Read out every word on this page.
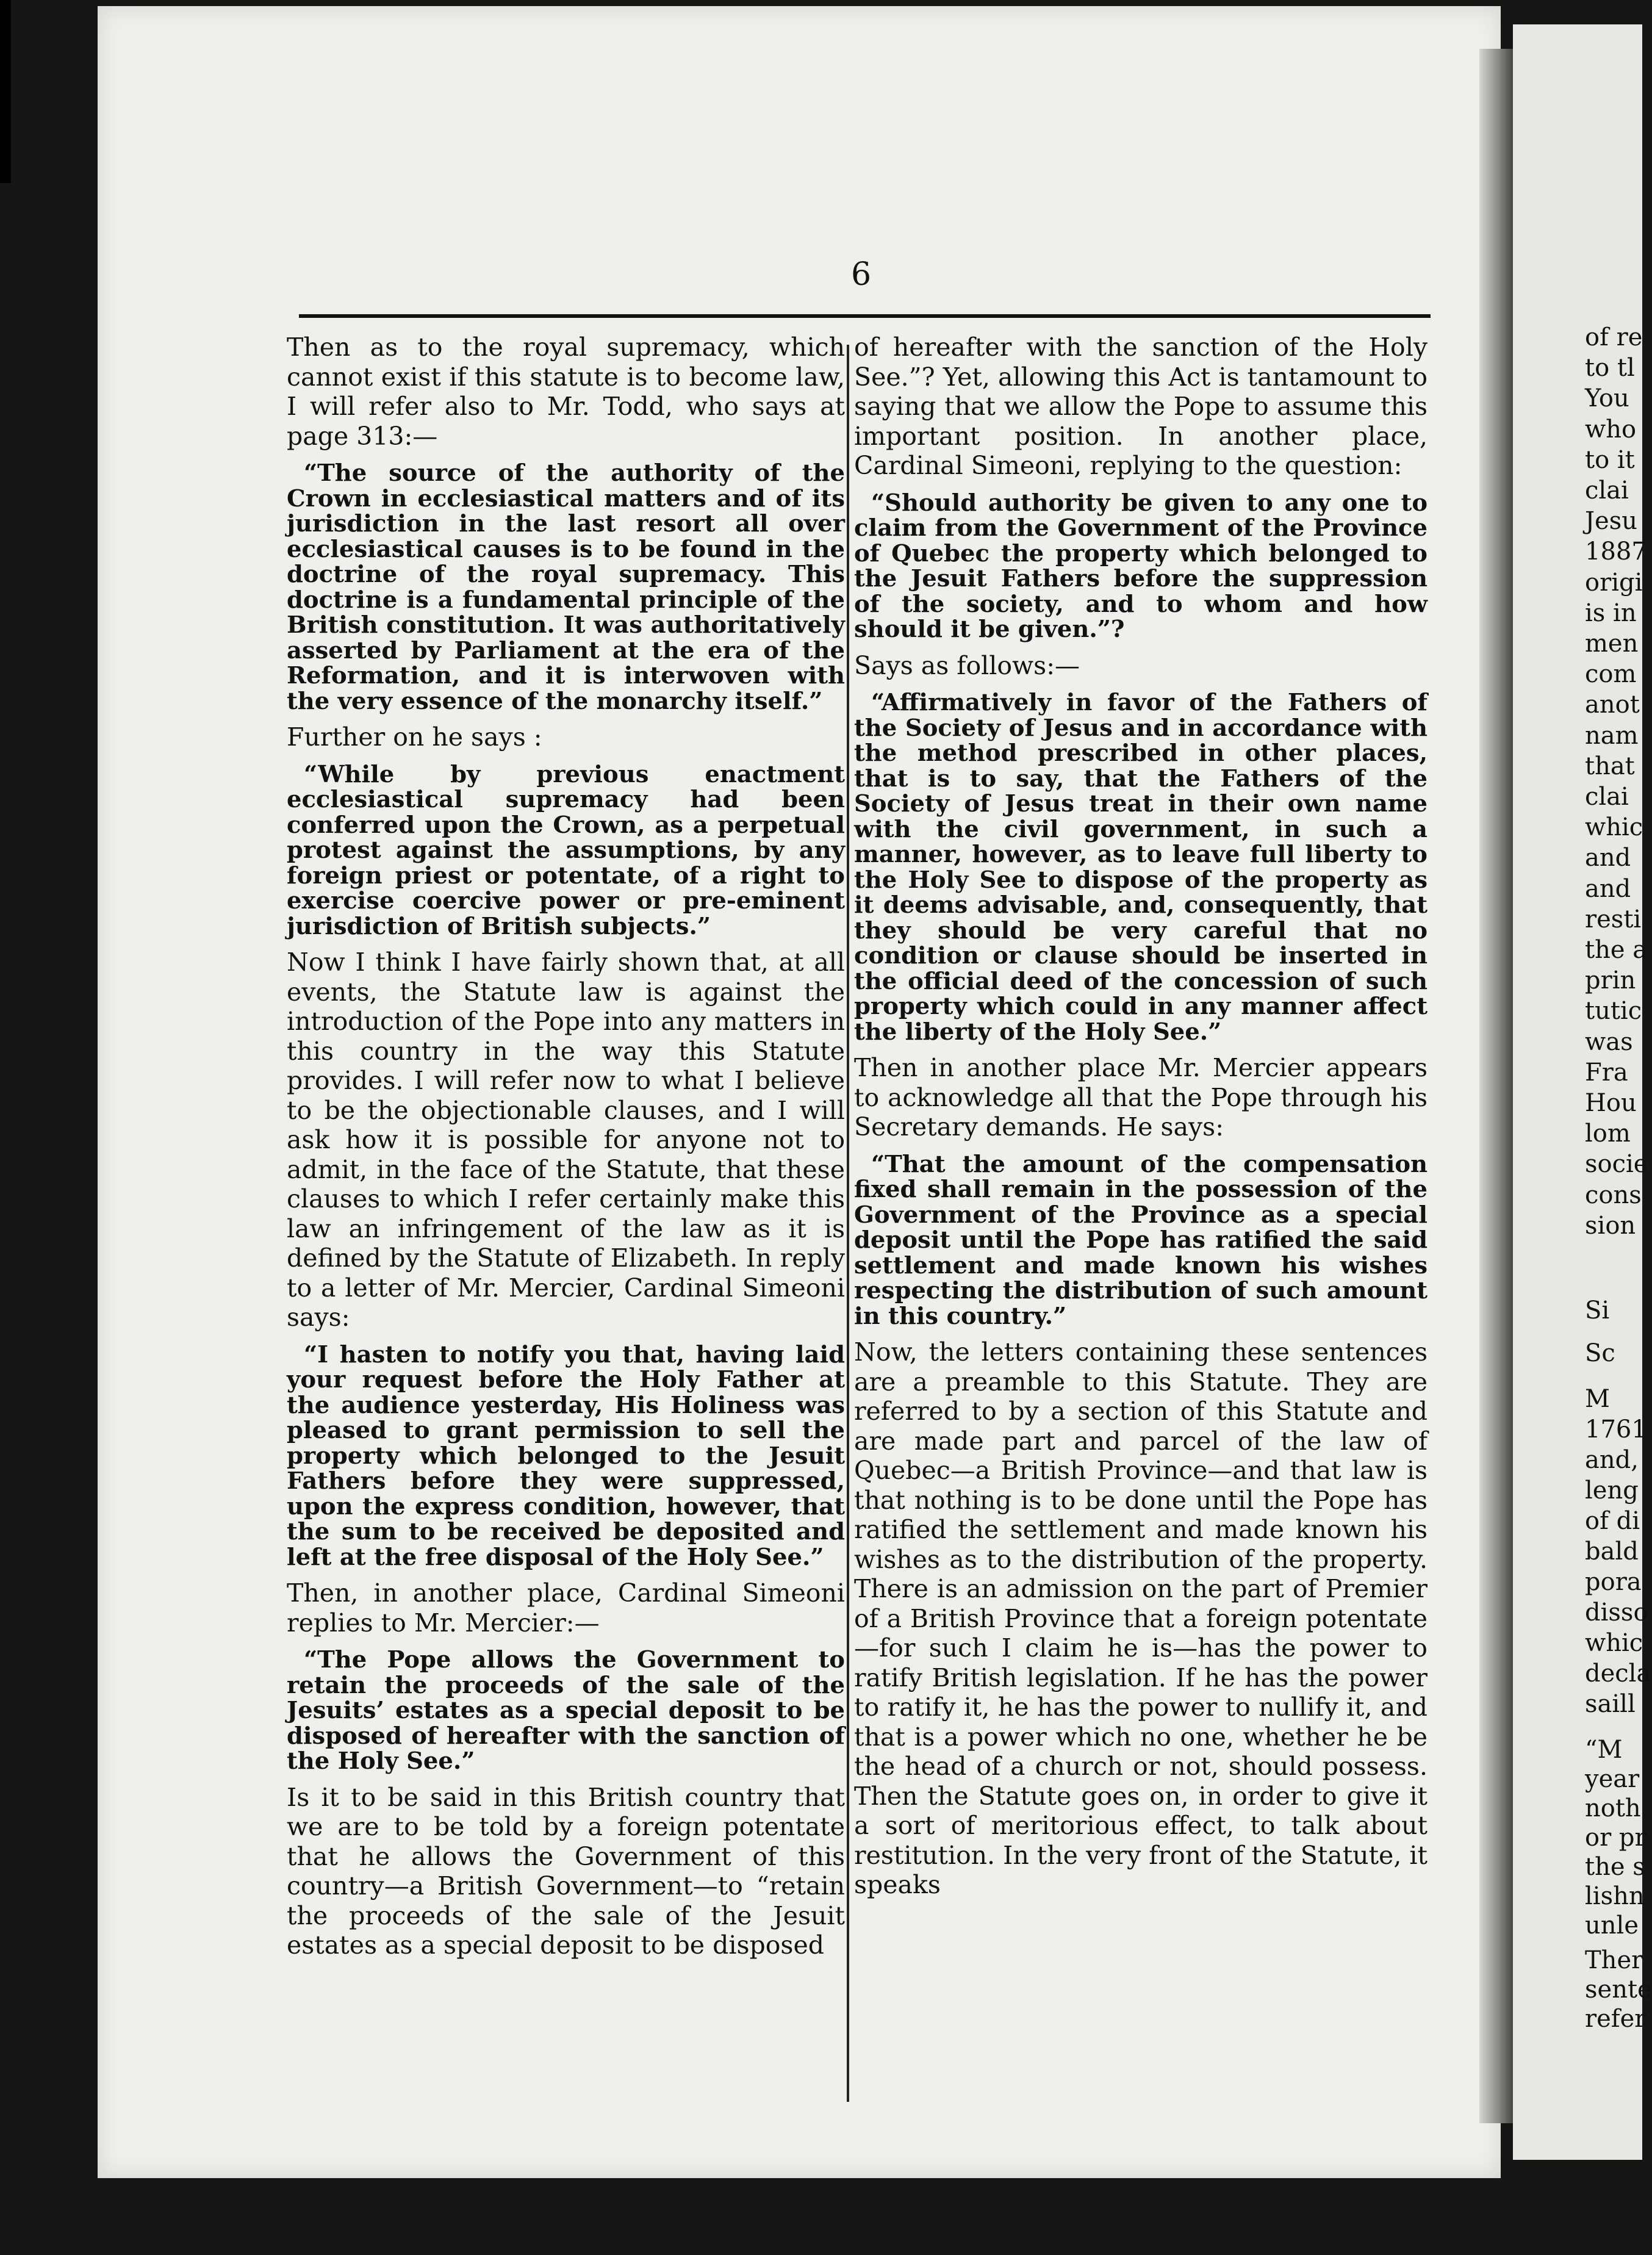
6

Then as to the royal supremacy, which cannot exist if this statute is to become law, I will refer also to Mr. Todd, who says at page 313:—

“The source of the authority of the Crown in ecclesiastical matters and of its jurisdiction in the last resort all over ecclesiastical causes is to be found in the doctrine of the royal supremacy. This doctrine is a fundamental principle of the British constitution. It was authoritatively asserted by Parliament at the era of the Reformation, and it is interwoven with the very essence of the monarchy itself.”

Further on he says :

“While by previous enactment ecclesiastical supremacy had been conferred upon the Crown, as a perpetual protest against the assumptions, by any foreign priest or potentate, of a right to exercise coercive power or pre-eminent jurisdiction of British subjects.”

Now I think I have fairly shown that, at all events, the Statute law is against the introduction of the Pope into any matters in this country in the way this Statute provides. I will refer now to what I believe to be the objectionable clauses, and I will ask how it is possible for anyone not to admit, in the face of the Statute, that these clauses to which I refer certainly make this law an infringement of the law as it is defined by the Statute of Elizabeth. In reply to a letter of Mr. Mercier, Cardinal Simeoni says:

“I hasten to notify you that, having laid your request before the Holy Father at the audience yesterday, His Holiness was pleased to grant permission to sell the property which belonged to the Jesuit Fathers before they were suppressed, upon the express condition, however, that the sum to be received be deposited and left at the free disposal of the Holy See.”

Then, in another place, Cardinal Simeoni replies to Mr. Mercier:—

“The Pope allows the Government to retain the proceeds of the sale of the Jesuits’ estates as a special deposit to be disposed of hereafter with the sanction of the Holy See.”

Is it to be said in this British country that we are to be told by a foreign potentate that he allows the Government of this country—a British Government—to “retain the proceeds of the sale of the Jesuit estates as a special deposit to be disposed

of hereafter with the sanction of the Holy See.”? Yet, allowing this Act is tantamount to saying that we allow the Pope to assume this important position. In another place, Cardinal Simeoni, replying to the question:

“Should authority be given to any one to claim from the Government of the Province of Quebec the property which belonged to the Jesuit Fathers before the suppression of the society, and to whom and how should it be given.”?

Says as follows:—

“Affirmatively in favor of the Fathers of the Society of Jesus and in accordance with the method prescribed in other places, that is to say, that the Fathers of the Society of Jesus treat in their own name with the civil government, in such a manner, however, as to leave full liberty to the Holy See to dispose of the property as it deems advisable, and, consequently, that they should be very careful that no condition or clause should be inserted in the official deed of the concession of such property which could in any manner affect the liberty of the Holy See.”

Then in another place Mr. Mercier appears to acknowledge all that the Pope through his Secretary demands. He says:

“That the amount of the compensation fixed shall remain in the possession of the Government of the Province as a special deposit until the Pope has ratified the said settlement and made known his wishes respecting the distribution of such amount in this country.”

Now, the letters containing these sentences are a preamble to this Statute. They are referred to by a section of this Statute and are made part and parcel of the law of Quebec—a British Province—and that law is that nothing is to be done until the Pope has ratified the settlement and made known his wishes as to the distribution of the property. There is an admission on the part of Premier of a British Province that a foreign potentate —for such I claim he is—has the power to ratify British legislation. If he has the power to ratify it, he has the power to nullify it, and that is a power which no one, whether he be the head of a church or not, should possess. Then the Statute goes on, in order to give it a sort of meritorious effect, to talk about restitution. In the very front of the Statute, it speaks

of re
to tl
You
who
to it
clai
Jesu
1887
origi
is in
men
com
anot
nam
that
clai
whic
and
and
resti
the a
prin
tutic
was
Fra
Hou
lom
socie
cons
sion
Si
Sc
M
1761
and,
leng
of di
bald
pora
disso
whic
decla
saill
“M
year
noth
or pr
the s
lishn
unle
Ther
sente
refer
